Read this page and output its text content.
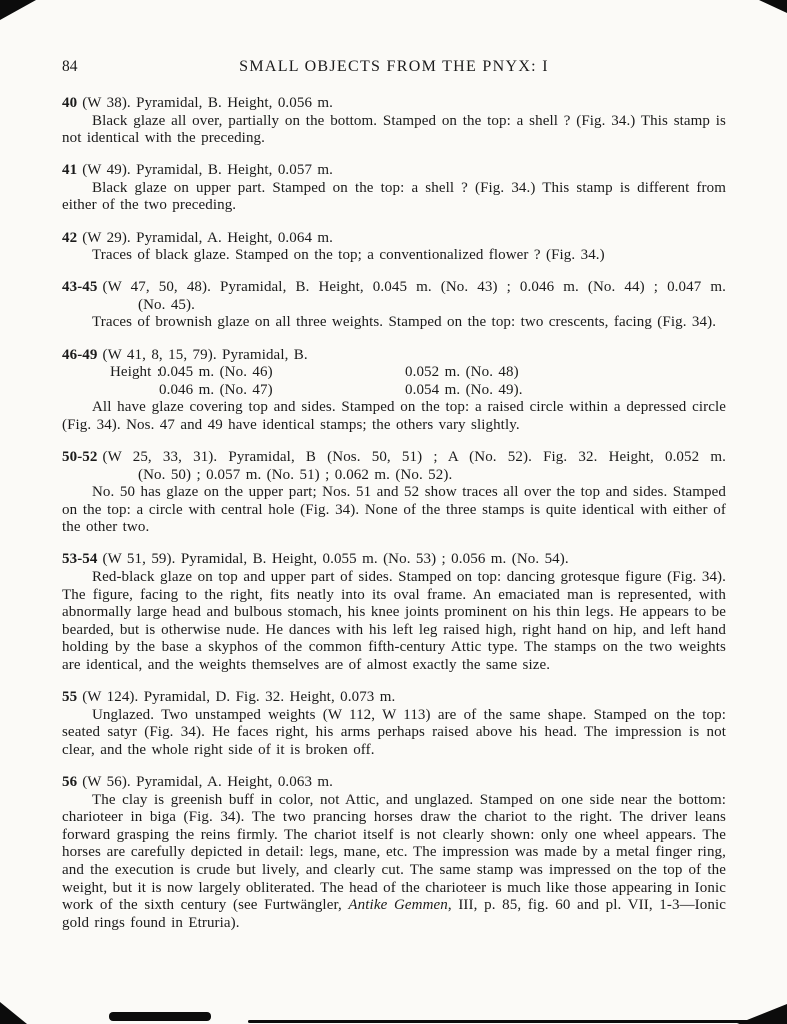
84	SMALL OBJECTS FROM THE PNYX: I
40 (W 38). Pyramidal, B. Height, 0.056 m.
Black glaze all over, partially on the bottom. Stamped on the top: a shell ? (Fig. 34.) This stamp is not identical with the preceding.
41 (W 49). Pyramidal, B. Height, 0.057 m.
Black glaze on upper part. Stamped on the top: a shell ? (Fig. 34.) This stamp is different from either of the two preceding.
42 (W 29). Pyramidal, A. Height, 0.064 m.
Traces of black glaze. Stamped on the top; a conventionalized flower ? (Fig. 34.)
43-45 (W 47, 50, 48). Pyramidal, B. Height, 0.045 m. (No. 43) ; 0.046 m. (No. 44) ; 0.047 m.
(No. 45).
Traces of brownish glaze on all three weights. Stamped on the top: two crescents, facing (Fig. 34).
46-49 (W 41, 8, 15, 79). Pyramidal, B.
Height :
0.045 m. (No. 46)	0.052 m. (No. 48)
0.046 m. (No. 47)	0.054 m. (No. 49).
All have glaze covering top and sides. Stamped on the top: a raised circle within a depressed circle (Fig. 34). Nos. 47 and 49 have identical stamps; the others vary slightly.
50-52 (W 25, 33, 31). Pyramidal, B (Nos. 50, 51) ; A (No. 52). Fig. 32. Height, 0.052 m.
(No. 50) ; 0.057 m. (No. 51) ; 0.062 m. (No. 52).
No. 50 has glaze on the upper part; Nos. 51 and 52 show traces all over the top and sides. Stamped on the top: a circle with central hole (Fig. 34). None of the three stamps is quite identical with either of the other two.
53-54 (W 51, 59). Pyramidal, B. Height, 0.055 m. (No. 53) ; 0.056 m. (No. 54).
Red-black glaze on top and upper part of sides. Stamped on top: dancing grotesque figure (Fig. 34). The figure, facing to the right, fits neatly into its oval frame. An emaciated man is represented, with abnormally large head and bulbous stomach, his knee joints prominent on his thin legs. He appears to be bearded, but is otherwise nude. He dances with his left leg raised high, right hand on hip, and left hand holding by the base a skyphos of the common fifth-century Attic type. The stamps on the two weights are identical, and the weights themselves are of almost exactly the same size.
55 (W 124). Pyramidal, D. Fig. 32. Height, 0.073 m.
Unglazed. Two unstamped weights (W 112, W 113) are of the same shape. Stamped on the top: seated satyr (Fig. 34). He faces right, his arms perhaps raised above his head. The impression is not clear, and the whole right side of it is broken off.
56 (W 56). Pyramidal, A. Height, 0.063 m.
The clay is greenish buff in color, not Attic, and unglazed. Stamped on one side near the bottom: charioteer in biga (Fig. 34). The two prancing horses draw the chariot to the right. The driver leans forward grasping the reins firmly. The chariot itself is not clearly shown: only one wheel appears. The horses are carefully depicted in detail: legs, mane, etc. The impression was made by a metal finger ring, and the execution is crude but lively, and clearly cut. The same stamp was impressed on the top of the weight, but it is now largely obliterated. The head of the charioteer is much like those appearing in Ionic work of the sixth century (see Furtwängler, Antike Gemmen, III, p. 85, fig. 60 and pl. VII, 1-3—Ionic gold rings found in Etruria).
